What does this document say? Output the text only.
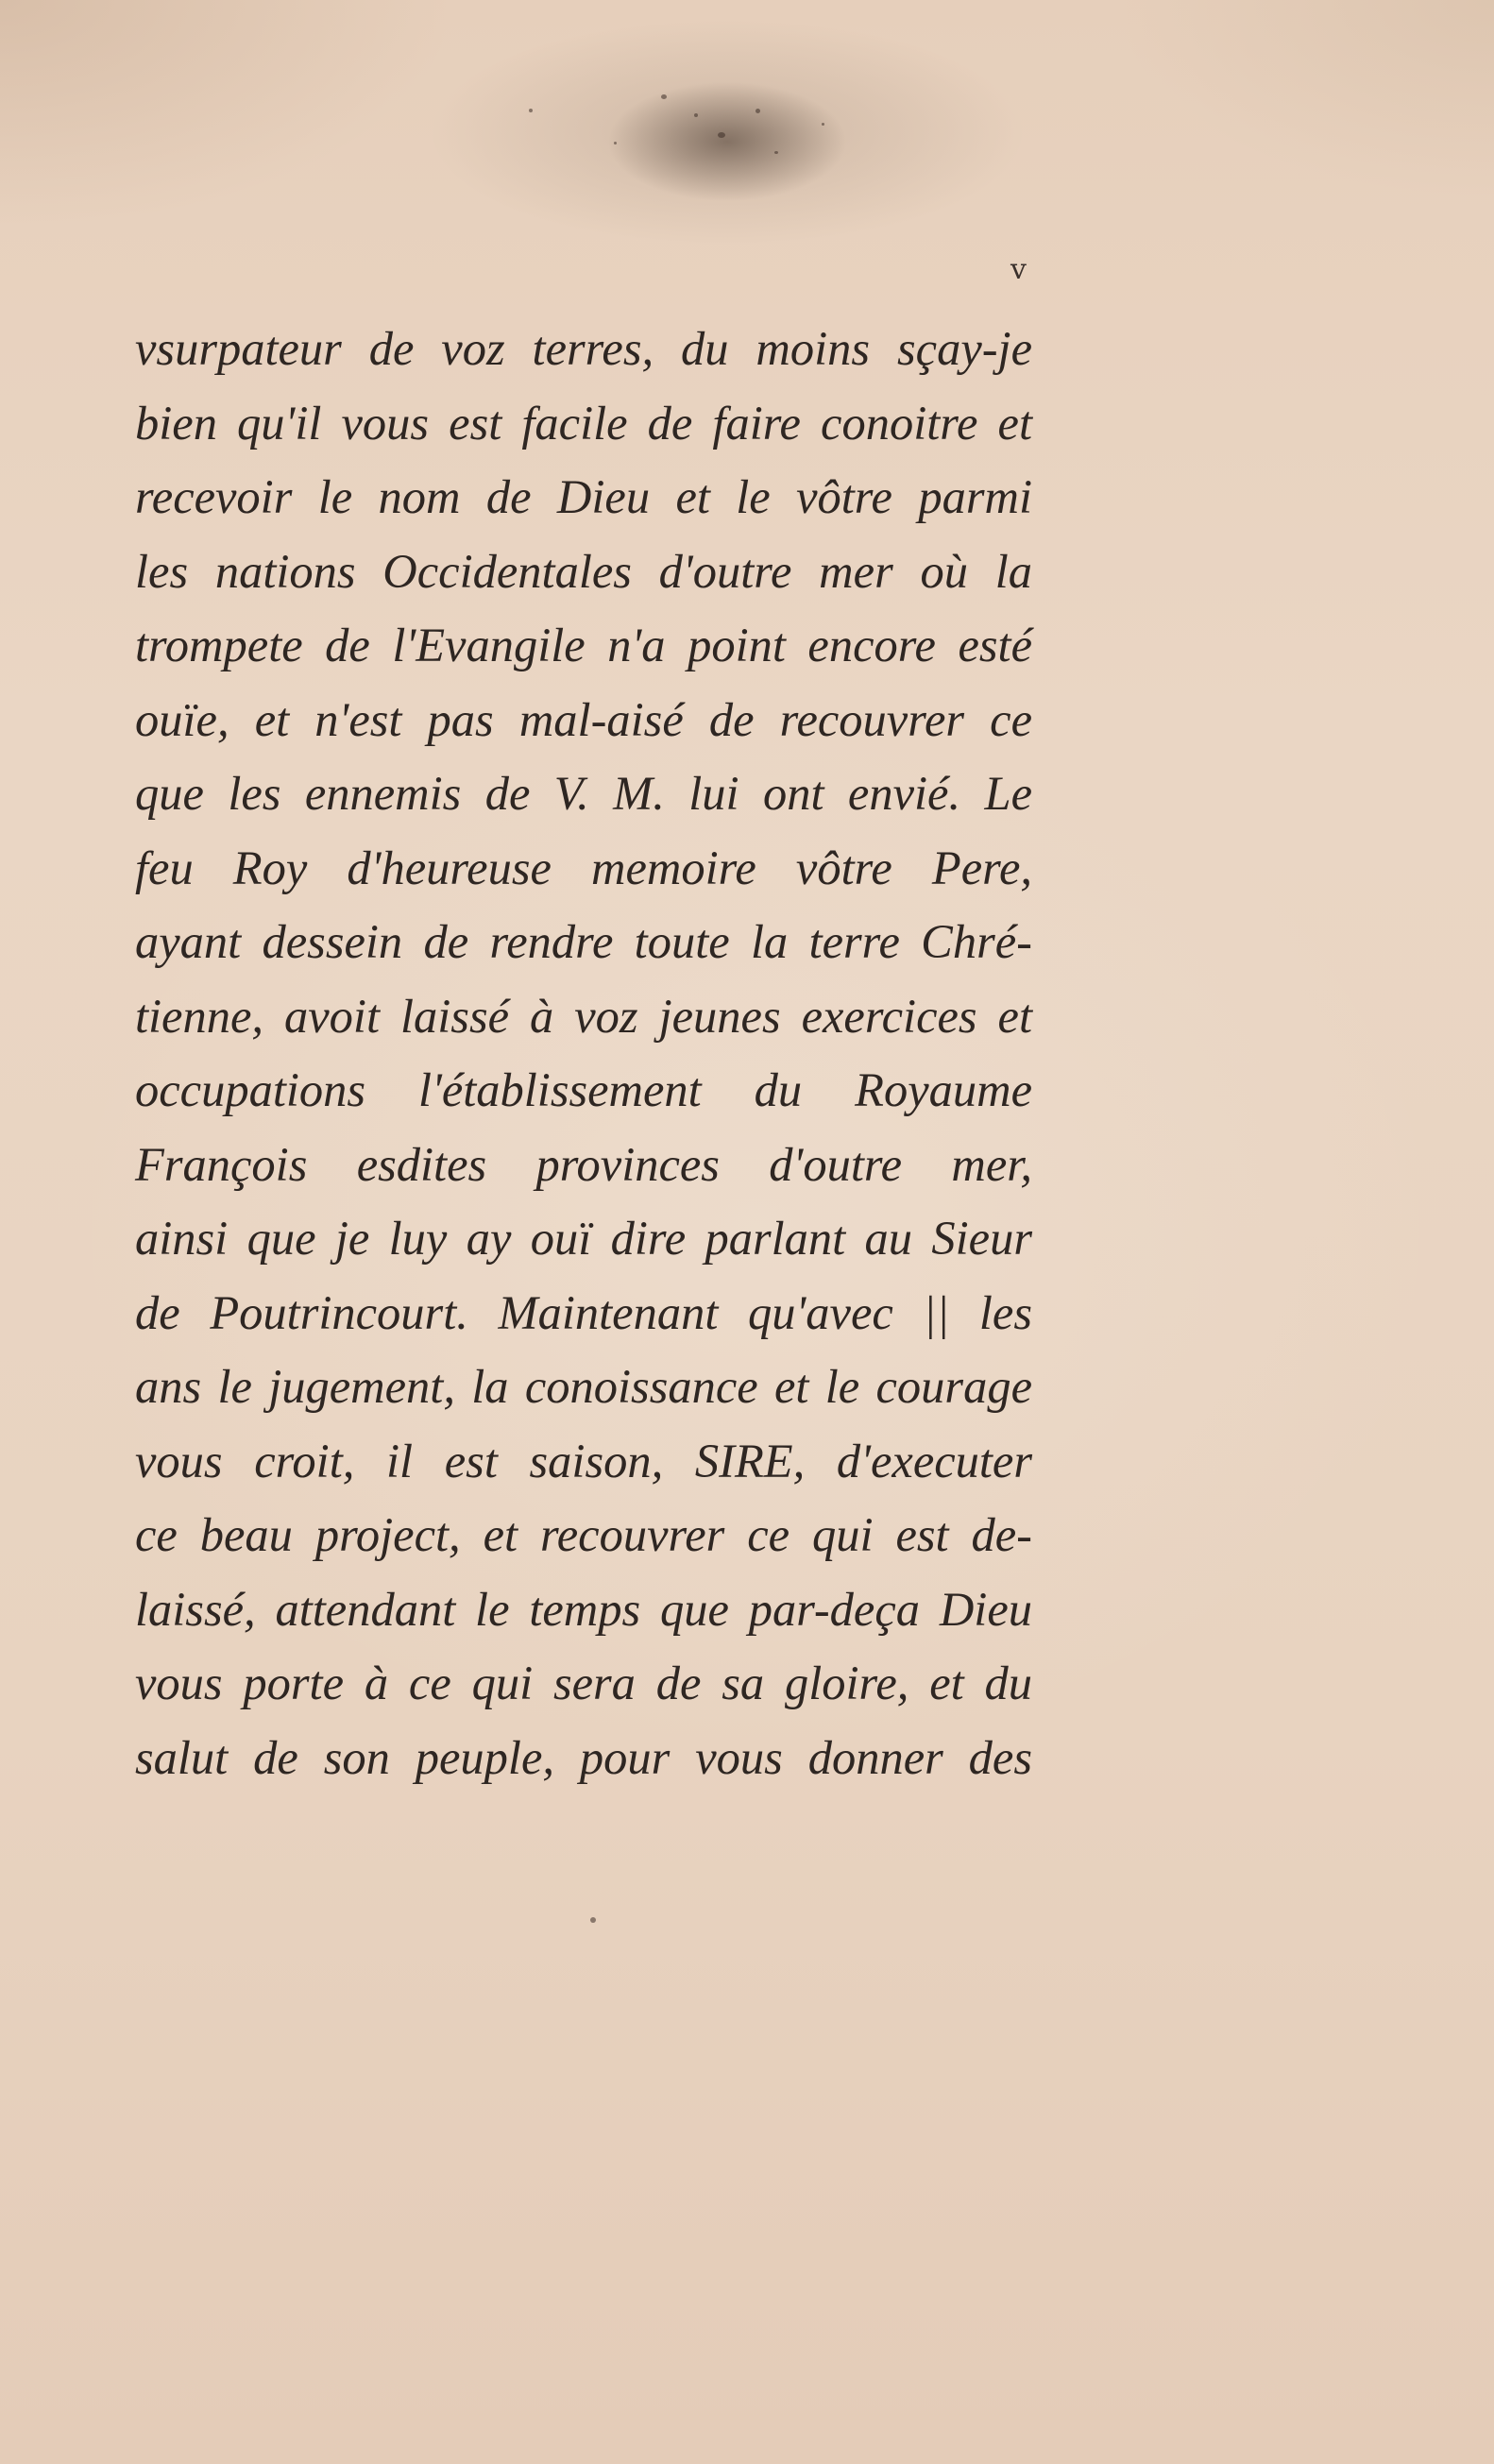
v
vsurpateur de voz terres, du moins sçay-je
bien qu'il vous est facile de faire conoitre et
recevoir le nom de Dieu et le vôtre parmi
les nations Occidentales d'outre mer où la
trompete de l'Evangile n'a point encore esté
ouïe, et n'est pas mal-aisé de recouvrer ce
que les ennemis de V. M. lui ont envié. Le
feu Roy d'heureuse memoire vôtre Pere,
ayant dessein de rendre toute la terre Chré-
tienne, avoit laissé à voz jeunes exercices et
occupations l'établissement du Royaume
François esdites provinces d'outre mer,
ainsi que je luy ay ouï dire parlant au Sieur
de Poutrincourt. Maintenant qu'avec || les
ans le jugement, la conoissance et le courage
vous croit, il est saison, SIRE, d'executer
ce beau project, et recouvrer ce qui est de-
laissé, attendant le temps que par-deça Dieu
vous porte à ce qui sera de sa gloire, et du
salut de son peuple, pour vous donner des
